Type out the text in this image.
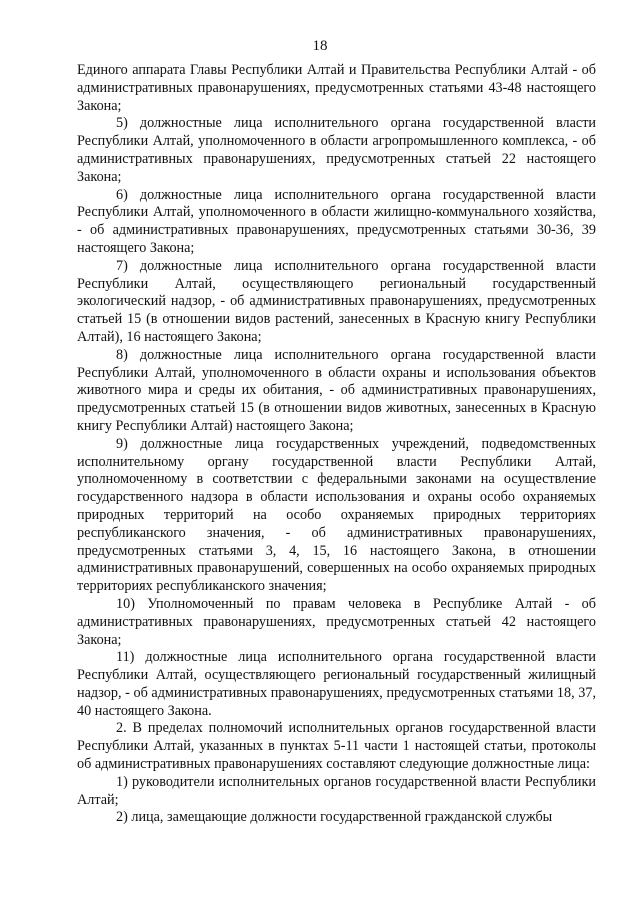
18

Единого аппарата Главы Республики Алтай и Правительства Республики Алтай - об административных правонарушениях, предусмотренных статьями 43-48 настоящего Закона;

5) должностные лица исполнительного органа государственной власти Республики Алтай, уполномоченного в области агропромышленного комплекса, - об административных правонарушениях, предусмотренных статьей 22 настоящего Закона;

6) должностные лица исполнительного органа государственной власти Республики Алтай, уполномоченного в области жилищно-коммунального хозяйства, - об административных правонарушениях, предусмотренных статьями 30-36, 39 настоящего Закона;

7) должностные лица исполнительного органа государственной власти Республики Алтай, осуществляющего региональный государственный экологический надзор, - об административных правонарушениях, предусмотренных статьей 15 (в отношении видов растений, занесенных в Красную книгу Республики Алтай), 16 настоящего Закона;

8) должностные лица исполнительного органа государственной власти Республики Алтай, уполномоченного в области охраны и использования объектов животного мира и среды их обитания, - об административных правонарушениях, предусмотренных статьей 15 (в отношении видов животных, занесенных в Красную книгу Республики Алтай) настоящего Закона;

9) должностные лица государственных учреждений, подведомственных исполнительному органу государственной власти Республики Алтай, уполномоченному в соответствии с федеральными законами на осуществление государственного надзора в области использования и охраны особо охраняемых природных территорий на особо охраняемых природных территориях республиканского значения, - об административных правонарушениях, предусмотренных статьями 3, 4, 15, 16 настоящего Закона, в отношении административных правонарушений, совершенных на особо охраняемых природных территориях республиканского значения;

10) Уполномоченный по правам человека в Республике Алтай - об административных правонарушениях, предусмотренных статьей 42 настоящего Закона;

11) должностные лица исполнительного органа государственной власти Республики Алтай, осуществляющего региональный государственный жилищный надзор, - об административных правонарушениях, предусмотренных статьями 18, 37, 40 настоящего Закона.

2. В пределах полномочий исполнительных органов государственной власти Республики Алтай, указанных в пунктах 5-11 части 1 настоящей статьи, протоколы об административных правонарушениях составляют следующие должностные лица:

1) руководители исполнительных органов государственной власти Республики Алтай;

2) лица, замещающие должности государственной гражданской службы
